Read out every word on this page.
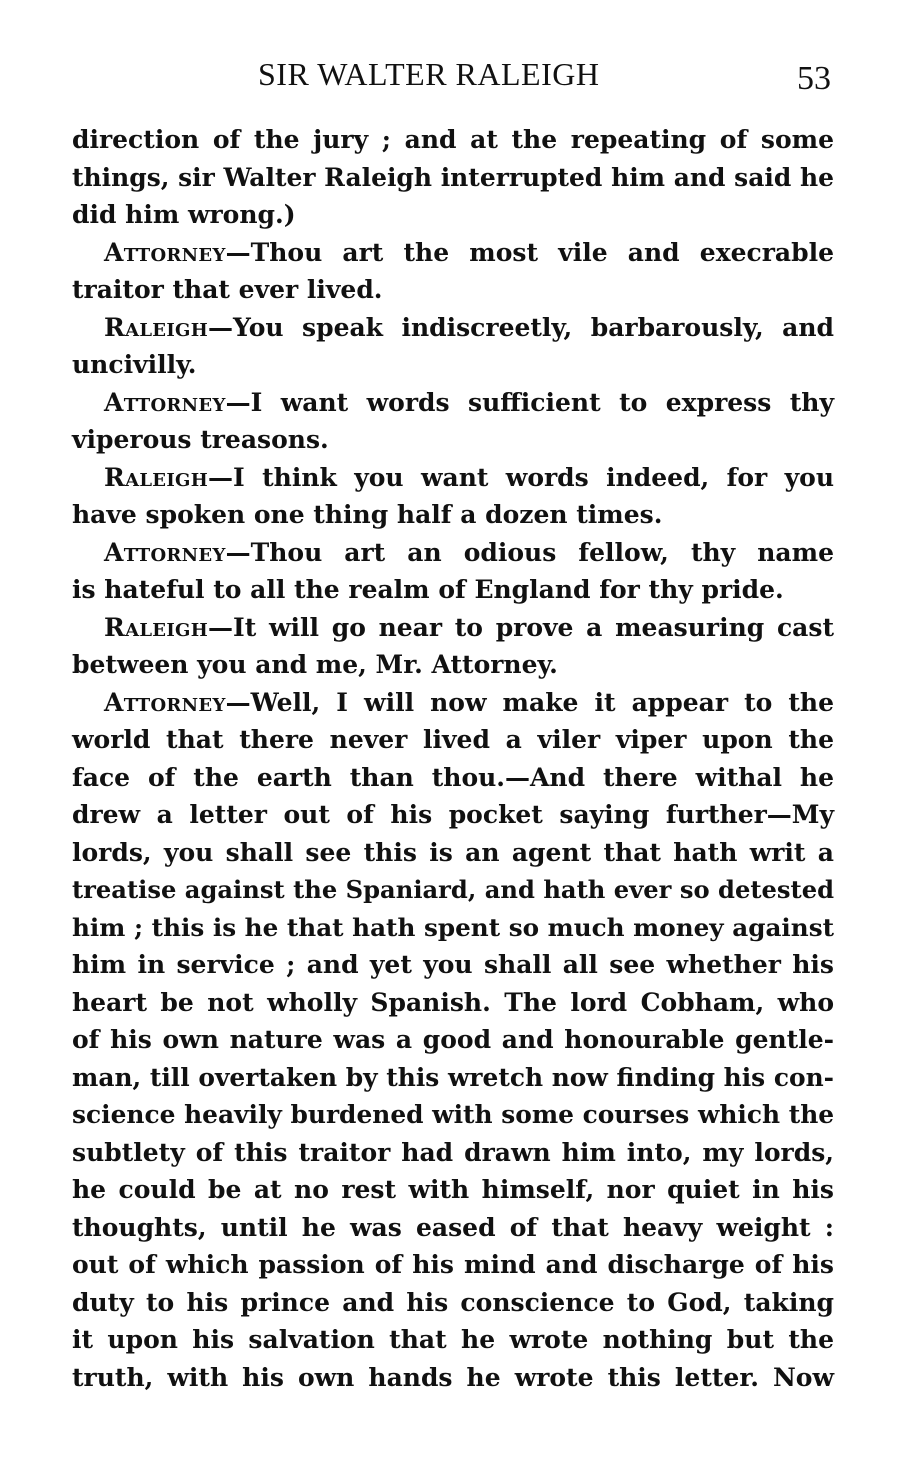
SIR WALTER RALEIGH	53
direction of the jury ; and at the repeating of some
things, sir Walter Raleigh interrupted him and said he
did him wrong.)
Attorney—Thou art the most vile and execrable
traitor that ever lived.
Raleigh—You speak indiscreetly, barbarously, and
uncivilly.
Attorney—I want words sufficient to express thy
viperous treasons.
Raleigh—I think you want words indeed, for you
have spoken one thing half a dozen times.
Attorney—Thou art an odious fellow, thy name
is hateful to all the realm of England for thy pride.
Raleigh—It will go near to prove a measuring cast
between you and me, Mr. Attorney.
Attorney—Well, I will now make it appear to the
world that there never lived a viler viper upon the
face of the earth than thou.—And there withal he
drew a letter out of his pocket saying further—My
lords, you shall see this is an agent that hath writ a
treatise against the Spaniard, and hath ever so detested
him ; this is he that hath spent so much money against
him in service ; and yet you shall all see whether his
heart be not wholly Spanish. The lord Cobham, who
of his own nature was a good and honourable gentle-
man, till overtaken by this wretch now finding his con-
science heavily burdened with some courses which the
subtlety of this traitor had drawn him into, my lords,
he could be at no rest with himself, nor quiet in his
thoughts, until he was eased of that heavy weight :
out of which passion of his mind and discharge of his
duty to his prince and his conscience to God, taking
it upon his salvation that he wrote nothing but the
truth, with his own hands he wrote this letter. Now
